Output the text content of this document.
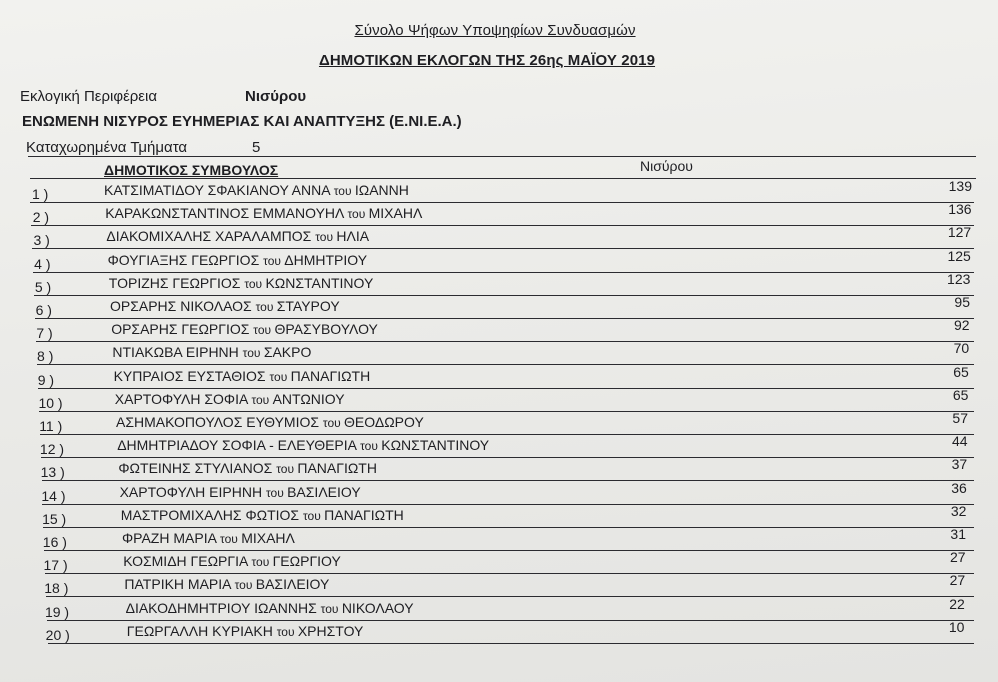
Σύνολο Ψήφων Υποψηφίων Συνδυασμών
ΔΗΜΟΤΙΚΩΝ ΕΚΛΟΓΩΝ ΤΗΣ 26ης ΜΑΪΟΥ 2019
Εκλογική Περιφέρεια	Νισύρου
ΕΝΩΜΕΝΗ ΝΙΣΥΡΟΣ ΕΥΗΜΕΡΙΑΣ ΚΑΙ ΑΝΑΠΤΥΞΗΣ (Ε.ΝΙ.Ε.Α.)
Καταχωρημένα Τμήματα	5
ΔΗΜΟΤΙΚΟΣ ΣΥΜΒΟΥΛΟΣ	Νισύρου
1 )	ΚΑΤΣΙΜΑΤΙΔΟΥ ΣΦΑΚΙΑΝΟΥ ΑΝΝΑ του ΙΩΑΝΝΗ	139
2 )	ΚΑΡΑΚΩΝΣΤΑΝΤΙΝΟΣ ΕΜΜΑΝΟΥΗΛ του ΜΙΧΑΗΛ	136
3 )	ΔΙΑΚΟΜΙΧΑΛΗΣ ΧΑΡΑΛΑΜΠΟΣ του ΗΛΙΑ	127
4 )	ΦΟΥΓΙΑΞΗΣ ΓΕΩΡΓΙΟΣ του ΔΗΜΗΤΡΙΟΥ	125
5 )	ΤΟΡΙΖΗΣ ΓΕΩΡΓΙΟΣ του ΚΩΝΣΤΑΝΤΙΝΟΥ	123
6 )	ΟΡΣΑΡΗΣ ΝΙΚΟΛΑΟΣ του ΣΤΑΥΡΟΥ	95
7 )	ΟΡΣΑΡΗΣ ΓΕΩΡΓΙΟΣ του ΘΡΑΣΥΒΟΥΛΟΥ	92
8 )	ΝΤΙΑΚΩΒΑ ΕΙΡΗΝΗ του ΣΑΚΡΟ	70
9 )	ΚΥΠΡΑΙΟΣ ΕΥΣΤΑΘΙΟΣ του ΠΑΝΑΓΙΩΤΗ	65
10 )	ΧΑΡΤΟΦΥΛΗ ΣΟΦΙΑ του ΑΝΤΩΝΙΟΥ	65
11 )	ΑΣΗΜΑΚΟΠΟΥΛΟΣ ΕΥΘΥΜΙΟΣ του ΘΕΟΔΩΡΟΥ	57
12 )	ΔΗΜΗΤΡΙΑΔΟΥ ΣΟΦΙΑ - ΕΛΕΥΘΕΡΙΑ του ΚΩΝΣΤΑΝΤΙΝΟΥ	44
13 )	ΦΩΤΕΙΝΗΣ ΣΤΥΛΙΑΝΟΣ του ΠΑΝΑΓΙΩΤΗ	37
14 )	ΧΑΡΤΟΦΥΛΗ ΕΙΡΗΝΗ του ΒΑΣΙΛΕΙΟΥ	36
15 )	ΜΑΣΤΡΟΜΙΧΑΛΗΣ ΦΩΤΙΟΣ του ΠΑΝΑΓΙΩΤΗ	32
16 )	ΦΡΑΖΗ ΜΑΡΙΑ του ΜΙΧΑΗΛ	31
17 )	ΚΟΣΜΙΔΗ ΓΕΩΡΓΙΑ του ΓΕΩΡΓΙΟΥ	27
18 )	ΠΑΤΡΙΚΗ ΜΑΡΙΑ του ΒΑΣΙΛΕΙΟΥ	27
19 )	ΔΙΑΚΟΔΗΜΗΤΡΙΟΥ ΙΩΑΝΝΗΣ του ΝΙΚΟΛΑΟΥ	22
20 )	ΓΕΩΡΓΑΛΛΗ ΚΥΡΙΑΚΗ του ΧΡΗΣΤΟΥ	10
